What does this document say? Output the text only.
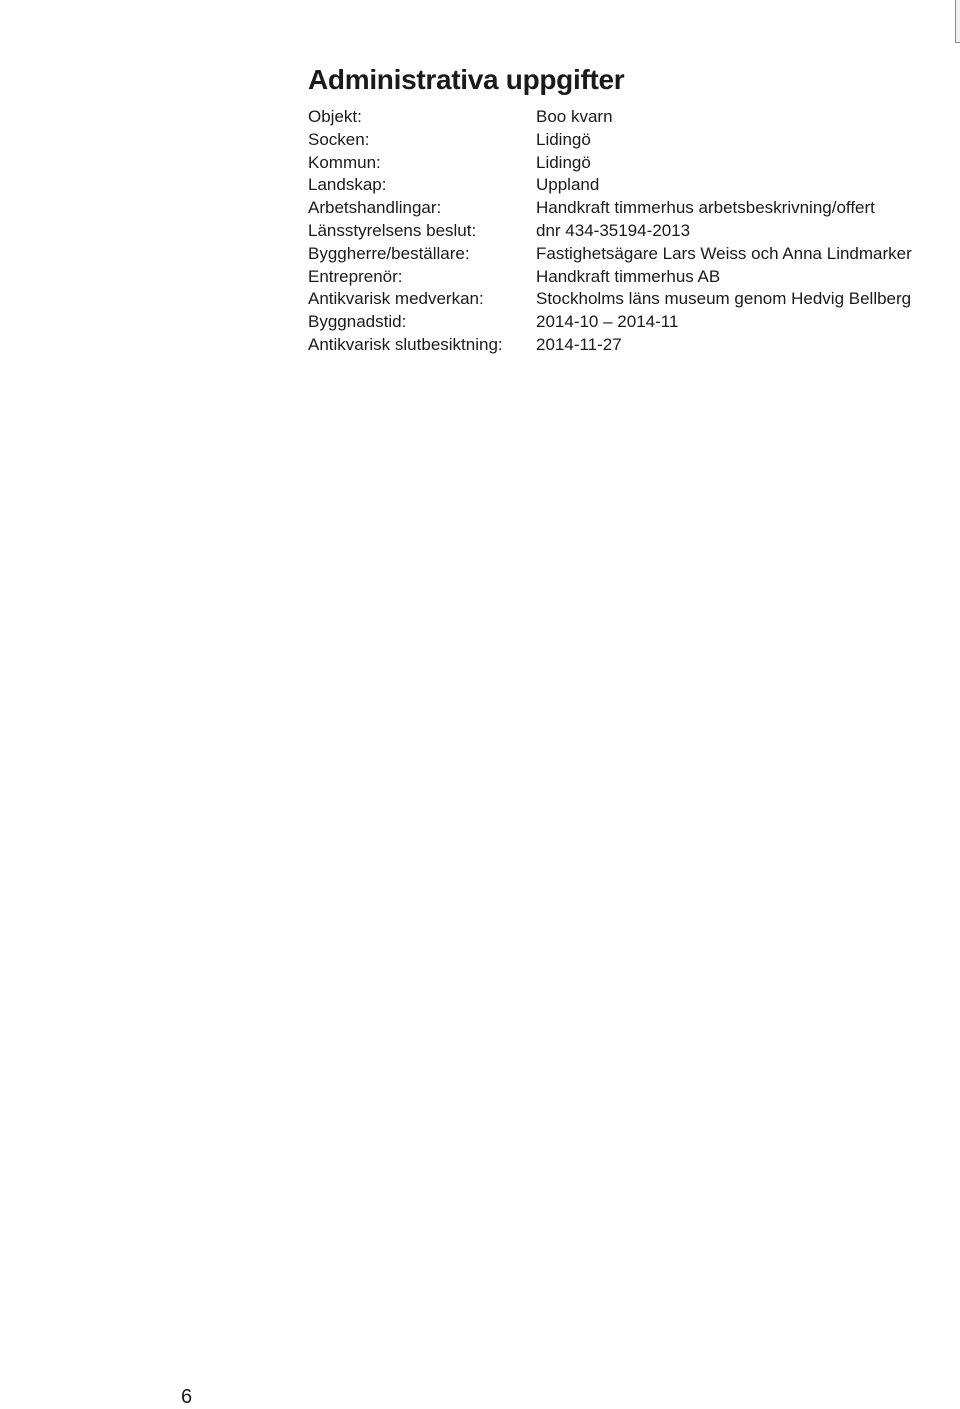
Administrativa uppgifter
Objekt:	Boo kvarn
Socken:	Lidingö
Kommun:	Lidingö
Landskap:	Uppland
Arbetshandlingar:	Handkraft timmerhus arbetsbeskrivning/offert
Länsstyrelsens beslut:	dnr 434-35194-2013
Byggherre/beställare:	Fastighetsägare Lars Weiss och Anna Lindmarker
Entreprenör:	Handkraft timmerhus AB
Antikvarisk medverkan:	Stockholms läns museum genom Hedvig Bellberg
Byggnadstid:	2014-10 – 2014-11
Antikvarisk slutbesiktning:	2014-11-27
6
